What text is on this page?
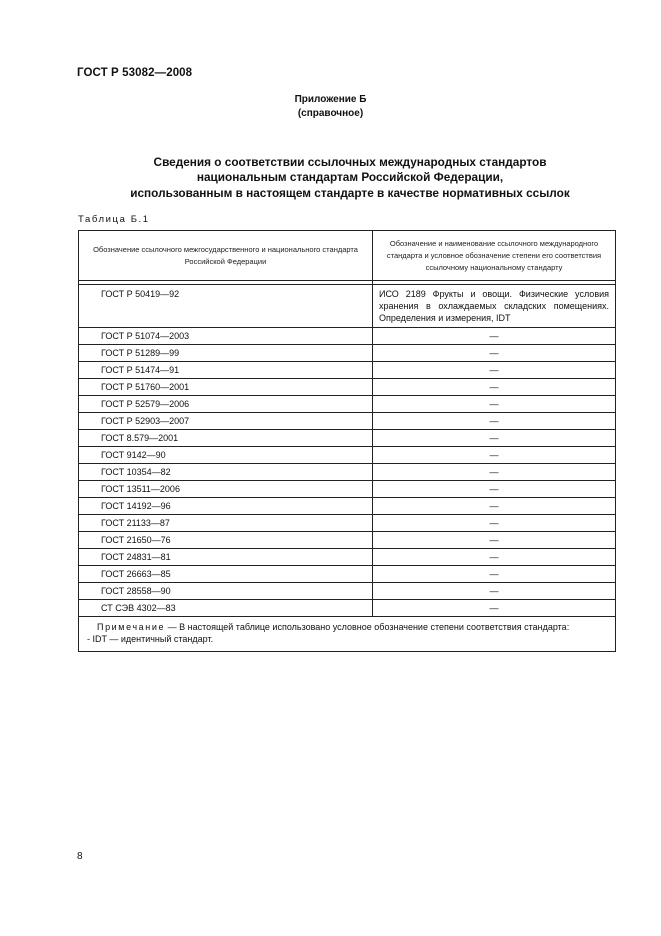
ГОСТ Р 53082—2008
Приложение Б
(справочное)
Сведения о соответствии ссылочных международных стандартов
национальным стандартам Российской Федерации,
использованным в настоящем стандарте в качестве нормативных ссылок
Таблица Б.1
Обозначение ссылочного межгосударственного и национального стандарта Российской Федерации	Обозначение и наименование ссылочного международного стандарта и условное обозначение степени его соответствия ссылочному национальному стандарту

ГОСТ Р 50419—92	ИСО 2189 Фрукты и овощи. Физические условия хранения в охлаждаемых складских помещениях. Определения и измерения, IDT
ГОСТ Р 51074—2003	—
ГОСТ Р 51289—99	—
ГОСТ Р 51474—91	—
ГОСТ Р 51760—2001	—
ГОСТ Р 52579—2006	—
ГОСТ Р 52903—2007	—
ГОСТ 8.579—2001	—
ГОСТ 9142—90	—
ГОСТ 10354—82	—
ГОСТ 13511—2006	—
ГОСТ 14192—96	—
ГОСТ 21133—87	—
ГОСТ 21650—76	—
ГОСТ 24831—81	—
ГОСТ 26663—85	—
ГОСТ 28558—90	—
СТ СЭВ 4302—83	—
Примечание — В настоящей таблице использовано условное обозначение степени соответствия стандарта:
- IDT — идентичный стандарт.	
8
